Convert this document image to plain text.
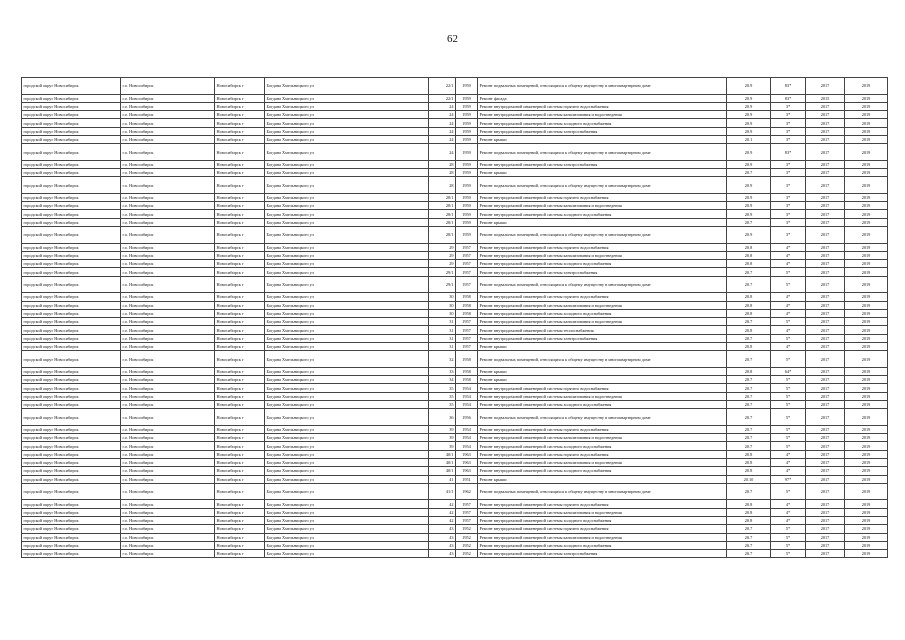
62
городской округ Новосибирск	г.о. Новосибирск	Новосибирск г	Богдана Хмельницкого ул	22/1	1959	Ремонт подвальных помещений, относящихся к общему имуществу в многоквартирном доме	20.9	83*	2017	2019
городской округ Новосибирск	г.о. Новосибирск	Новосибирск г	Богдана Хмельницкого ул	22/1	1959	Ремонт фасада	20.9	83*	2015	2019
городской округ Новосибирск	г.о. Новосибирск	Новосибирск г	Богдана Хмельницкого ул	24	1959	Ремонт внутридомовой инженерной системы горячего водоснабжения	20.9	3*	2017	2019
городской округ Новосибирск	г.о. Новосибирск	Новосибирск г	Богдана Хмельницкого ул	24	1959	Ремонт внутридомовой инженерной системы канализования и водоотведения	20.9	3*	2017	2019
городской округ Новосибирск	г.о. Новосибирск	Новосибирск г	Богдана Хмельницкого ул	24	1959	Ремонт внутридомовой инженерной системы холодного водоснабжения	20.9	3*	2017	2019
городской округ Новосибирск	г.о. Новосибирск	Новосибирск г	Богдана Хмельницкого ул	24	1959	Ремонт внутридомовой инженерной системы электроснабжения	20.9	3*	2017	2019
городской округ Новосибирск	г.о. Новосибирск	Новосибирск г	Богдана Хмельницкого ул	24	1959	Ремонт крыши	20.1	3*	2017	2019
городской округ Новосибирск	г.о. Новосибирск	Новосибирск г	Богдана Хмельницкого ул	24	1959	Ремонт подвальных помещений, относящихся к общему имуществу в многоквартирном доме	20.9	83*	2017	2019
городской округ Новосибирск	г.о. Новосибирск	Новосибирск г	Богдана Хмельницкого ул	28	1959	Ремонт внутридомовой инженерной системы электроснабжения	20.9	3*	2017	2019
городской округ Новосибирск	г.о. Новосибирск	Новосибирск г	Богдана Хмельницкого ул	28	1959	Ремонт крыши	20.7	3*	2017	2019
городской округ Новосибирск	г.о. Новосибирск	Новосибирск г	Богдана Хмельницкого ул	28	1959	Ремонт подвальных помещений, относящихся к общему имуществу в многоквартирном доме	20.9	3*	2017	2019
городской округ Новосибирск	г.о. Новосибирск	Новосибирск г	Богдана Хмельницкого ул	28/1	1959	Ремонт внутридомовой инженерной системы горячего водоснабжения	20.9	3*	2017	2019
городской округ Новосибирск	г.о. Новосибирск	Новосибирск г	Богдана Хмельницкого ул	28/1	1959	Ремонт внутридомовой инженерной системы канализования и водоотведения	20.9	3*	2017	2019
городской округ Новосибирск	г.о. Новосибирск	Новосибирск г	Богдана Хмельницкого ул	28/1	1959	Ремонт внутридомовой инженерной системы холодного водоснабжения	20.9	3*	2017	2019
городской округ Новосибирск	г.о. Новосибирск	Новосибирск г	Богдана Хмельницкого ул	28/1	1959	Ремонт крыши	20.7	3*	2017	2019
городской округ Новосибирск	г.о. Новосибирск	Новосибирск г	Богдана Хмельницкого ул	28/1	1959	Ремонт подвальных помещений, относящихся к общему имуществу в многоквартирном доме	20.9	3*	2017	2019
городской округ Новосибирск	г.о. Новосибирск	Новосибирск г	Богдана Хмельницкого ул	29	1957	Ремонт внутридомовой инженерной системы горячего водоснабжения	20.8	4*	2017	2019
городской округ Новосибирск	г.о. Новосибирск	Новосибирск г	Богдана Хмельницкого ул	29	1957	Ремонт внутридомовой инженерной системы канализования и водоотведения	20.8	4*	2017	2019
городской округ Новосибирск	г.о. Новосибирск	Новосибирск г	Богдана Хмельницкого ул	29	1957	Ремонт внутридомовой инженерной системы холодного водоснабжения	20.8	4*	2017	2019
городской округ Новосибирск	г.о. Новосибирск	Новосибирск г	Богдана Хмельницкого ул	29/1	1957	Ремонт внутридомовой инженерной системы электроснабжения	20.7	5*	2017	2019
городской округ Новосибирск	г.о. Новосибирск	Новосибирск г	Богдана Хмельницкого ул	29/1	1957	Ремонт подвальных помещений, относящихся к общему имуществу в многоквартирном доме	20.7	5*	2017	2019
городской округ Новосибирск	г.о. Новосибирск	Новосибирск г	Богдана Хмельницкого ул	30	1958	Ремонт внутридомовой инженерной системы горячего водоснабжения	20.8	4*	2017	2019
городской округ Новосибирск	г.о. Новосибирск	Новосибирск г	Богдана Хмельницкого ул	30	1958	Ремонт внутридомовой инженерной системы канализования и водоотведения	20.8	4*	2017	2019
городской округ Новосибирск	г.о. Новосибирск	Новосибирск г	Богдана Хмельницкого ул	30	1958	Ремонт внутридомовой инженерной системы холодного водоснабжения	20.8	4*	2017	2019
городской округ Новосибирск	г.о. Новосибирск	Новосибирск г	Богдана Хмельницкого ул	31	1957	Ремонт внутридомовой инженерной системы канализования и водоотведения	20.7	5*	2017	2019
городской округ Новосибирск	г.о. Новосибирск	Новосибирск г	Богдана Хмельницкого ул	31	1957	Ремонт внутридомовой инженерной системы теплоснабжения	20.8	4*	2017	2019
городской округ Новосибирск	г.о. Новосибирск	Новосибирск г	Богдана Хмельницкого ул	31	1957	Ремонт внутридомовой инженерной системы электроснабжения	20.7	5*	2017	2019
городской округ Новосибирск	г.о. Новосибирск	Новосибирск г	Богдана Хмельницкого ул	31	1957	Ремонт крыши	20.8	4*	2017	2019
городской округ Новосибирск	г.о. Новосибирск	Новосибирск г	Богдана Хмельницкого ул	32	1958	Ремонт подвальных помещений, относящихся к общему имуществу в многоквартирном доме	20.7	5*	2017	2019
городской округ Новосибирск	г.о. Новосибирск	Новосибирск г	Богдана Хмельницкого ул	33	1958	Ремонт крыши	20.8	64*	2017	2019
городской округ Новосибирск	г.о. Новосибирск	Новосибирск г	Богдана Хмельницкого ул	34	1958	Ремонт крыши	20.7	5*	2017	2019
городской округ Новосибирск	г.о. Новосибирск	Новосибирск г	Богдана Хмельницкого ул	35	1954	Ремонт внутридомовой инженерной системы горячего водоснабжения	20.7	5*	2017	2019
городской округ Новосибирск	г.о. Новосибирск	Новосибирск г	Богдана Хмельницкого ул	35	1954	Ремонт внутридомовой инженерной системы канализования и водоотведения	20.7	5*	2017	2019
городской округ Новосибирск	г.о. Новосибирск	Новосибирск г	Богдана Хмельницкого ул	35	1954	Ремонт внутридомовой инженерной системы холодного водоснабжения	20.7	5*	2017	2019
городской округ Новосибирск	г.о. Новосибирск	Новосибирск г	Богдана Хмельницкого ул	36	1956	Ремонт подвальных помещений, относящихся к общему имуществу в многоквартирном доме	20.7	5*	2017	2019
городской округ Новосибирск	г.о. Новосибирск	Новосибирск г	Богдана Хмельницкого ул	39	1954	Ремонт внутридомовой инженерной системы горячего водоснабжения	20.7	5*	2017	2019
городской округ Новосибирск	г.о. Новосибирск	Новосибирск г	Богдана Хмельницкого ул	39	1954	Ремонт внутридомовой инженерной системы канализования и водоотведения	20.7	5*	2017	2019
городской округ Новосибирск	г.о. Новосибирск	Новосибирск г	Богдана Хмельницкого ул	39	1954	Ремонт внутридомовой инженерной системы холодного водоснабжения	20.7	5*	2017	2019
городской округ Новосибирск	г.о. Новосибирск	Новосибирск г	Богдана Хмельницкого ул	40/1	1963	Ремонт внутридомовой инженерной системы горячего водоснабжения	20.8	4*	2017	2019
городской округ Новосибирск	г.о. Новосибирск	Новосибирск г	Богдана Хмельницкого ул	40/1	1963	Ремонт внутридомовой инженерной системы канализования и водоотведения	20.8	4*	2017	2019
городской округ Новосибирск	г.о. Новосибирск	Новосибирск г	Богдана Хмельницкого ул	40/1	1963	Ремонт внутридомовой инженерной системы холодного водоснабжения	20.8	4*	2017	2019
городской округ Новосибирск	г.о. Новосибирск	Новосибирск г	Богдана Хмельницкого ул	41	1951	Ремонт крыши	20.10	97*	2017	2019
городской округ Новосибирск	г.о. Новосибирск	Новосибирск г	Богдана Хмельницкого ул	41/1	1962	Ремонт подвальных помещений, относящихся к общему имуществу в многоквартирном доме	20.7	5*	2017	2019
городской округ Новосибирск	г.о. Новосибирск	Новосибирск г	Богдана Хмельницкого ул	42	1957	Ремонт внутридомовой инженерной системы горячего водоснабжения	20.8	4*	2017	2019
городской округ Новосибирск	г.о. Новосибирск	Новосибирск г	Богдана Хмельницкого ул	42	1957	Ремонт внутридомовой инженерной системы канализования и водоотведения	20.8	4*	2017	2019
городской округ Новосибирск	г.о. Новосибирск	Новосибирск г	Богдана Хмельницкого ул	42	1957	Ремонт внутридомовой инженерной системы холодного водоснабжения	20.8	4*	2017	2019
городской округ Новосибирск	г.о. Новосибирск	Новосибирск г	Богдана Хмельницкого ул	43	1952	Ремонт внутридомовой инженерной системы горячего водоснабжения	20.7	5*	2017	2019
городской округ Новосибирск	г.о. Новосибирск	Новосибирск г	Богдана Хмельницкого ул	43	1952	Ремонт внутридомовой инженерной системы канализования и водоотведения	20.7	5*	2017	2019
городской округ Новосибирск	г.о. Новосибирск	Новосибирск г	Богдана Хмельницкого ул	43	1952	Ремонт внутридомовой инженерной системы холодного водоснабжения	20.7	5*	2017	2019
городской округ Новосибирск	г.о. Новосибирск	Новосибирск г	Богдана Хмельницкого ул	43	1952	Ремонт внутридомовой инженерной системы электроснабжения	20.7	5*	2017	2019
